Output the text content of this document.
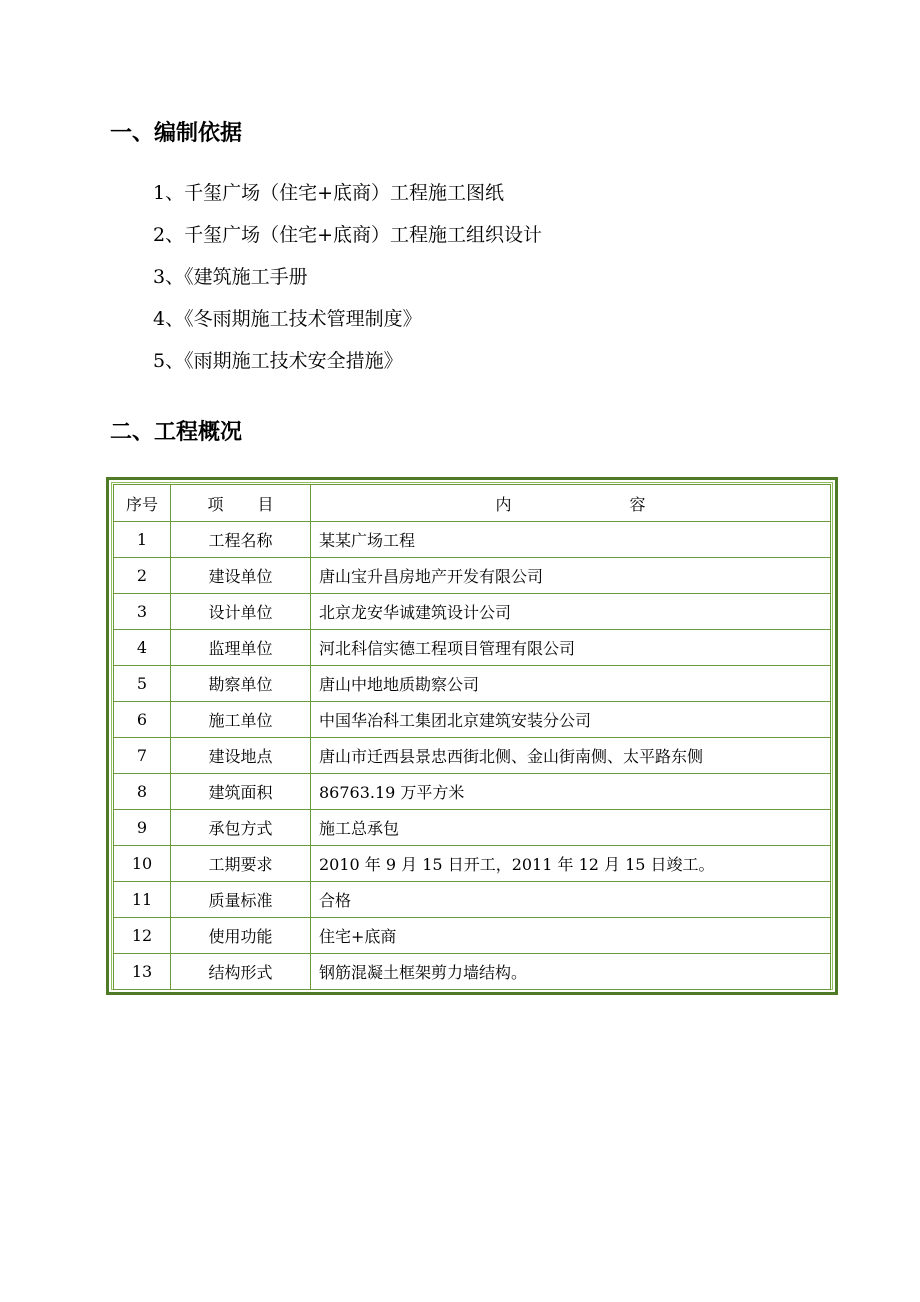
一、编制依据
1、千玺广场（住宅+底商）工程施工图纸
2、千玺广场（住宅+底商）工程施工组织设计
3、《建筑施工手册
4、《冬雨期施工技术管理制度》
5、《雨期施工技术安全措施》
二、工程概况
序号	项 目	内 容
1	工程名称	某某广场工程
2	建设单位	唐山宝升昌房地产开发有限公司
3	设计单位	北京龙安华诚建筑设计公司
4	监理单位	河北科信实德工程项目管理有限公司
5	勘察单位	唐山中地地质勘察公司
6	施工单位	中国华冶科工集团北京建筑安装分公司
7	建设地点	唐山市迁西县景忠西街北侧、金山街南侧、太平路东侧
8	建筑面积	86763.19 万平方米
9	承包方式	施工总承包
10	工期要求	2010 年 9 月 15 日开工，2011 年 12 月 15 日竣工。
11	质量标准	合格
12	使用功能	住宅+底商
13	结构形式	钢筋混凝土框架剪力墙结构。
